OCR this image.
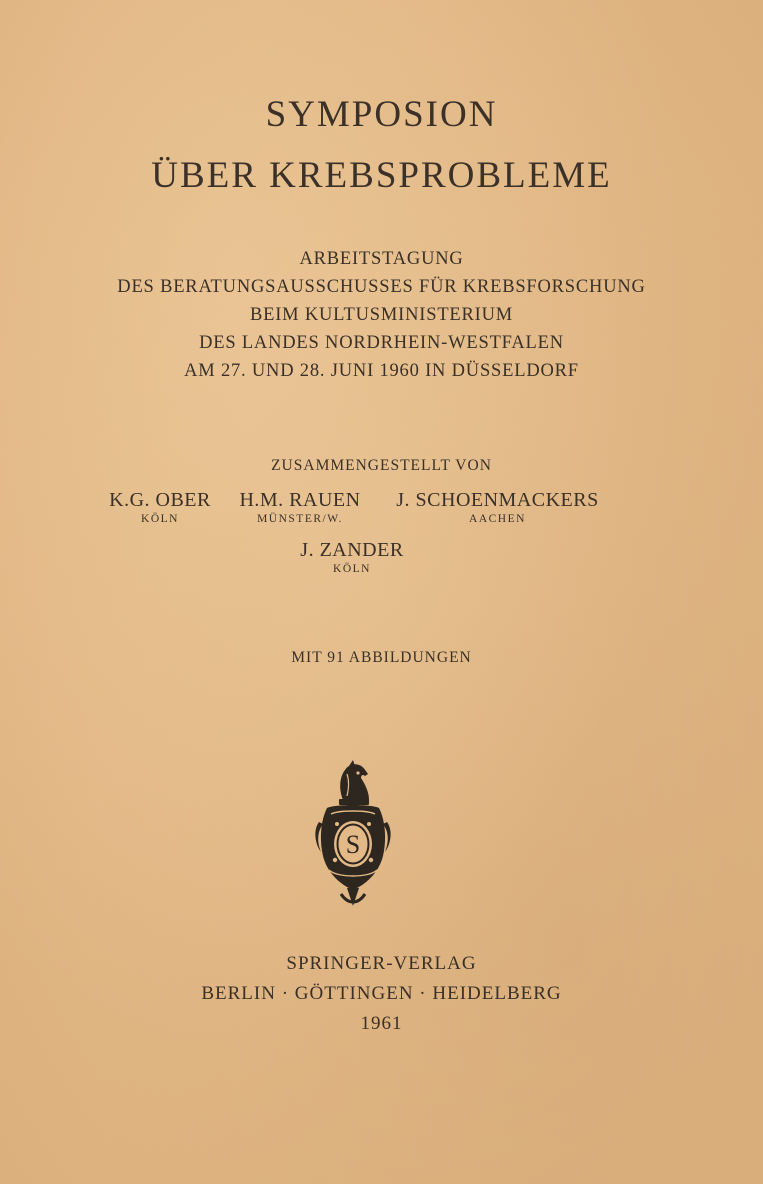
SYMPOSION
ÜBER KREBSPROBLEME
ARBEITSTAGUNG
DES BERATUNGSAUSSCHUSSES FÜR KREBSFORSCHUNG
BEIM KULTUSMINISTERIUM
DES LANDES NORDRHEIN-WESTFALEN
AM 27. UND 28. JUNI 1960 IN DÜSSELDORF
ZUSAMMENGESTELLT VON
K.G. OBER
KÖLN
H.M. RAUEN
MÜNSTER/W.
J. SCHOENMACKERS
AACHEN
J. ZANDER
KÖLN
MIT 91 ABBILDUNGEN
S
SPRINGER-VERLAG
BERLIN · GÖTTINGEN · HEIDELBERG
1961
